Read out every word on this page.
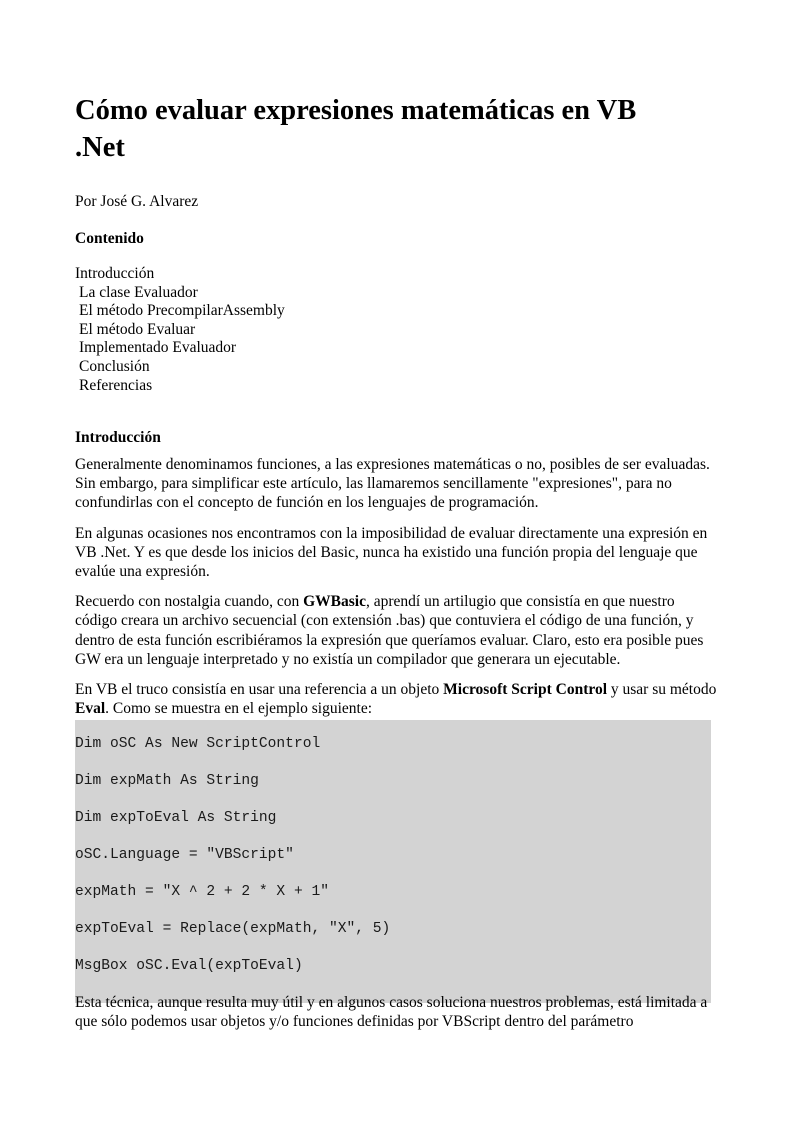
Cómo evaluar expresiones matemáticas en VB .Net

Por José G. Alvarez

Contenido

Introducción
La clase Evaluador
El método PrecompilarAssembly
El método Evaluar
Implementado Evaluador
Conclusión
Referencias
Introducción

Generalmente denominamos funciones, a las expresiones matemáticas o no, posibles de ser evaluadas. Sin embargo, para simplificar este artículo, las llamaremos sencillamente "expresiones", para no confundirlas con el concepto de función en los lenguajes de programación.

En algunas ocasiones nos encontramos con la imposibilidad de evaluar directamente una expresión en VB .Net. Y es que desde los inicios del Basic, nunca ha existido una función propia del lenguaje que evalúe una expresión.

Recuerdo con nostalgia cuando, con GWBasic, aprendí un artilugio que consistía en que nuestro código creara un archivo secuencial (con extensión .bas) que contuviera el código de una función, y dentro de esta función escribiéramos la expresión que queríamos evaluar. Claro, esto era posible pues GW era un lenguaje interpretado y no existía un compilador que generara un ejecutable.

En VB el truco consistía en usar una referencia a un objeto Microsoft Script Control y usar su método Eval. Como se muestra en el ejemplo siguiente:

Dim oSC As New ScriptControl
Dim expMath As String
Dim expToEval As String
oSC.Language = "VBScript"
expMath = "X ^ 2 + 2 * X + 1"
expToEval = Replace(expMath, "X", 5)
MsgBox oSC.Eval(expToEval)

Esta técnica, aunque resulta muy útil y en algunos casos soluciona nuestros problemas, está limitada a que sólo podemos usar objetos y/o funciones definidas por VBScript dentro del parámetro
